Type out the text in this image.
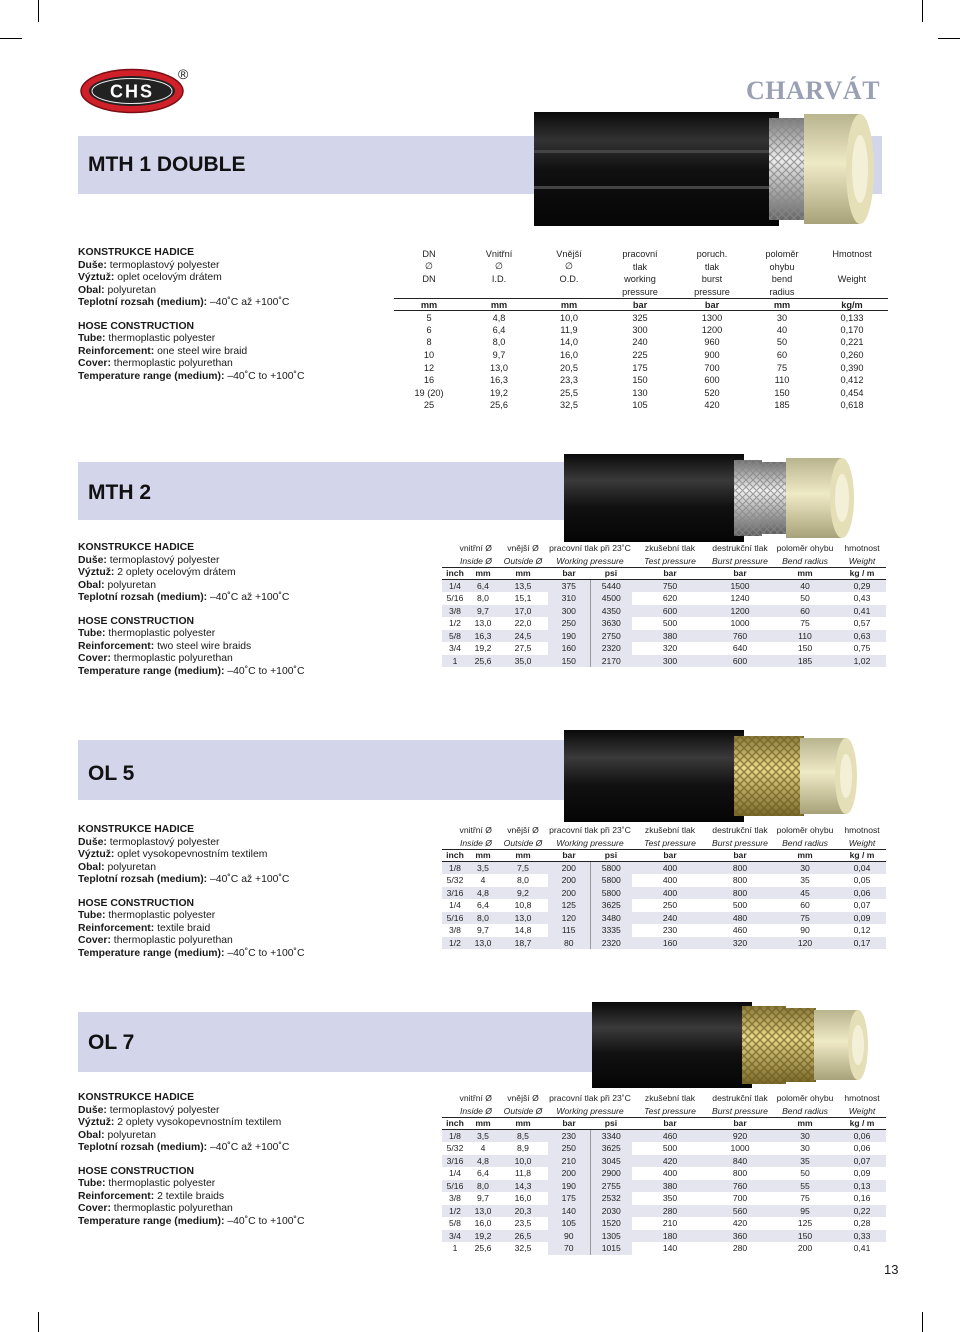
CHS
®
CHARVÁT
MTH 1 DOUBLE
KONSTRUKCE HADICE
Duše: termoplastový polyester
Výztuž: oplet ocelovým drátem
Obal: polyuretan
Teplotní rozsah (medium): –40˚C až +100˚C
HOSE CONSTRUCTION
Tube: thermoplastic polyester
Reinforcement: one steel wire braid
Cover: thermoplastic polyurethan
Temperature range (medium): –40˚C to +100˚C
DN	Vnitřní	Vnější	pracovní	poruch.	poloměr	Hmotnost
∅	∅	∅	tlak	tlak	ohybu	
DN	I.D.	O.D.	working	burst	bend	Weight
			pressure	pressure	radius	
mm	mm	mm	bar	bar	mm	kg/m
5	4,8	10,0	325	1300	30	0,133
6	6,4	11,9	300	1200	40	0,170
8	8,0	14,0	240	960	50	0,221
10	9,7	16,0	225	900	60	0,260
12	13,0	20,5	175	700	75	0,390
16	16,3	23,3	150	600	110	0,412
19 (20)	19,2	25,5	130	520	150	0,454
25	25,6	32,5	105	420	185	0,618
MTH 2
KONSTRUKCE HADICE
Duše: termoplastový polyester
Výztuž: 2 oplety ocelovým drátem
Obal: polyuretan
Teplotní rozsah (medium): –40˚C až +100˚C
HOSE CONSTRUCTION
Tube: thermoplastic polyester
Reinforcement: two steel wire braids
Cover: thermoplastic polyurethan
Temperature range (medium): –40˚C to +100˚C
vnitřní Ø		vnější Ø	pracovní tlak při 23˚C		zkušební tlak	destrukční tlak	poloměr ohybu	hmotnost
Inside Ø		Outside Ø	Working pressure		Test pressure	Burst pressure	Bend radius	Weight
inch	mm	mm	bar	psi	bar	bar	mm	kg / m
1/4	6,4	13,5	375	5440	750	1500	40	0,29
5/16	8,0	15,1	310	4500	620	1240	50	0,43
3/8	9,7	17,0	300	4350	600	1200	60	0,41
1/2	13,0	22,0	250	3630	500	1000	75	0,57
5/8	16,3	24,5	190	2750	380	760	110	0,63
3/4	19,2	27,5	160	2320	320	640	150	0,75
1	25,6	35,0	150	2170	300	600	185	1,02
OL 5
KONSTRUKCE HADICE
Duše: termoplastový polyester
Výztuž: oplet vysokopevnostním textilem
Obal: polyuretan
Teplotní rozsah (medium): –40˚C až +100˚C
HOSE CONSTRUCTION
Tube: thermoplastic polyester
Reinforcement: textile braid
Cover: thermoplastic polyurethan
Temperature range (medium): –40˚C to +100˚C
vnitřní Ø		vnější Ø	pracovní tlak při 23˚C		zkušební tlak	destrukční tlak	poloměr ohybu	hmotnost
Inside Ø		Outside Ø	Working pressure		Test pressure	Burst pressure	Bend radius	Weight
inch	mm	mm	bar	psi	bar	bar	mm	kg / m
1/8	3,5	7,5	200	5800	400	800	30	0,04
5/32	4	8,0	200	5800	400	800	35	0,05
3/16	4,8	9,2	200	5800	400	800	45	0,06
1/4	6,4	10,8	125	3625	250	500	60	0,07
5/16	8,0	13,0	120	3480	240	480	75	0,09
3/8	9,7	14,8	115	3335	230	460	90	0,12
1/2	13,0	18,7	80	2320	160	320	120	0,17
OL 7
KONSTRUKCE HADICE
Duše: termoplastový polyester
Výztuž: 2 oplety vysokopevnostním textilem
Obal: polyuretan
Teplotní rozsah (medium): –40˚C až +100˚C
HOSE CONSTRUCTION
Tube: thermoplastic polyester
Reinforcement: 2 textile braids
Cover: thermoplastic polyurethan
Temperature range (medium): –40˚C to +100˚C
vnitřní Ø		vnější Ø	pracovní tlak při 23˚C		zkušební tlak	destrukční tlak	poloměr ohybu	hmotnost
Inside Ø		Outside Ø	Working pressure		Test pressure	Burst pressure	Bend radius	Weight
inch	mm	mm	bar	psi	bar	bar	mm	kg / m
1/8	3,5	8,5	230	3340	460	920	30	0,06
5/32	4	8,9	250	3625	500	1000	30	0,06
3/16	4,8	10,0	210	3045	420	840	35	0,07
1/4	6,4	11,8	200	2900	400	800	50	0,09
5/16	8,0	14,3	190	2755	380	760	55	0,13
3/8	9,7	16,0	175	2532	350	700	75	0,16
1/2	13,0	20,3	140	2030	280	560	95	0,22
5/8	16,0	23,5	105	1520	210	420	125	0,28
3/4	19,2	26,5	90	1305	180	360	150	0,33
1	25,6	32,5	70	1015	140	280	200	0,41
13
